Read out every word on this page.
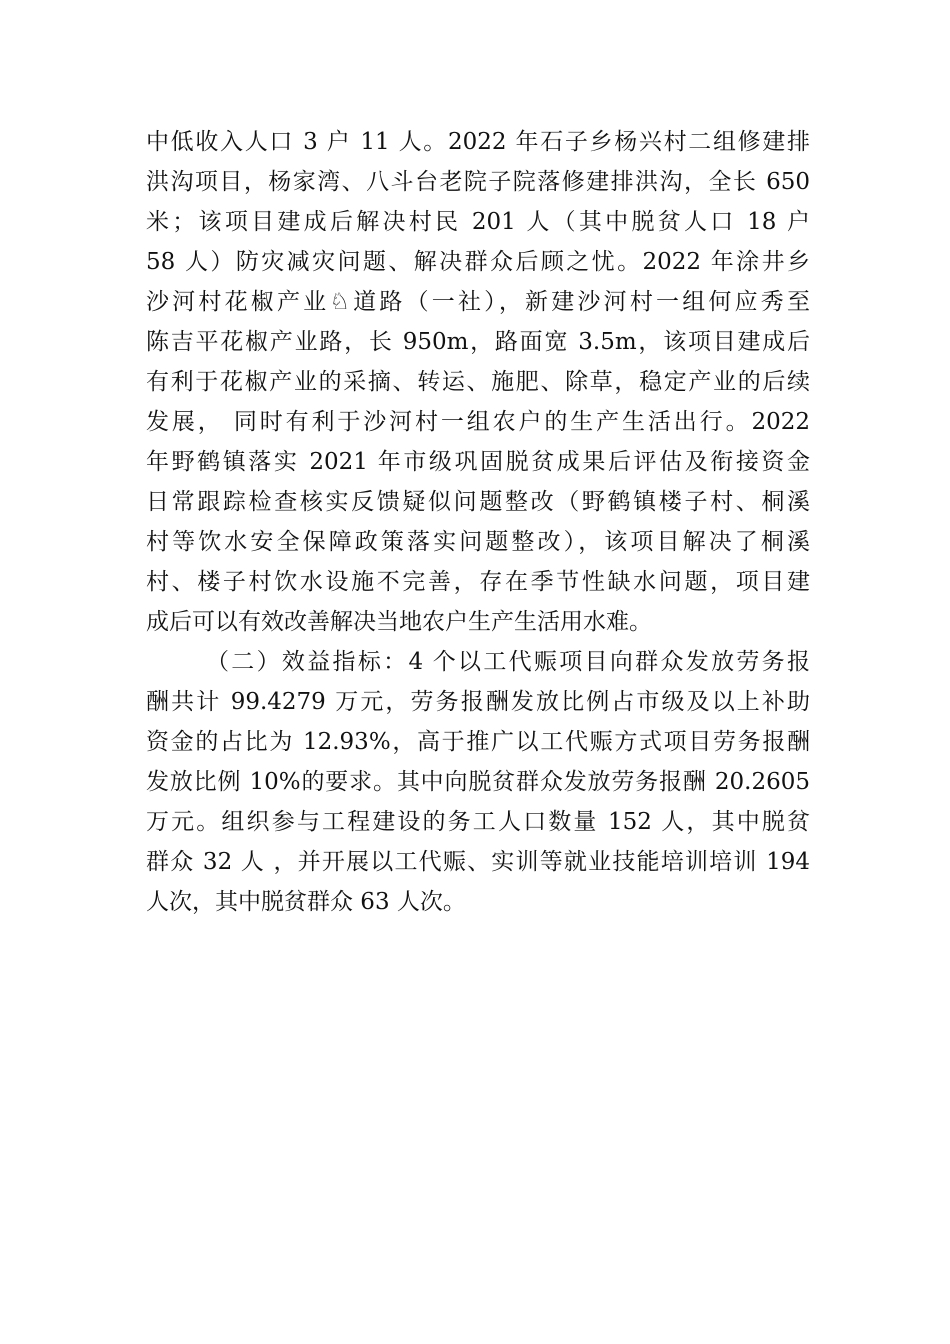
中低收入人口 3 户 11 人。2022 年石子乡杨兴村二组修建排
洪沟项目，杨家湾、八斗台老院子院落修建排洪沟，全长 650
米；该项目建成后解决村民 201 人（其中脱贫人口 18 户
58 人）防灾减灾问题、解决群众后顾之忧。2022 年涂井乡
沙河村花椒产业♘道路（一社），新建沙河村一组何应秀至
陈吉平花椒产业路，长 950m，路面宽 3.5m，该项目建成后
有利于花椒产业的采摘、转运、施肥、除草，稳定产业的后续
发展， 同时有利于沙河村一组农户的生产生活出行。2022
年野鹤镇落实 2021 年市级巩固脱贫成果后评估及衔接资金
日常跟踪检查核实反馈疑似问题整改（野鹤镇楼子村、桐溪
村等饮水安全保障政策落实问题整改），该项目解决了桐溪
村、楼子村饮水设施不完善，存在季节性缺水问题，项目建
成后可以有效改善解决当地农户生产生活用水难。
（二）效益指标：4 个以工代赈项目向群众发放劳务报
酬共计 99.4279 万元，劳务报酬发放比例占市级及以上补助
资金的占比为 12.93%，高于推广以工代赈方式项目劳务报酬
发放比例 10%的要求。其中向脱贫群众发放劳务报酬 20.2605
万元。组织参与工程建设的务工人口数量 152 人，其中脱贫
群众 32 人 ，并开展以工代赈、实训等就业技能培训培训 194
人次，其中脱贫群众 63 人次。
